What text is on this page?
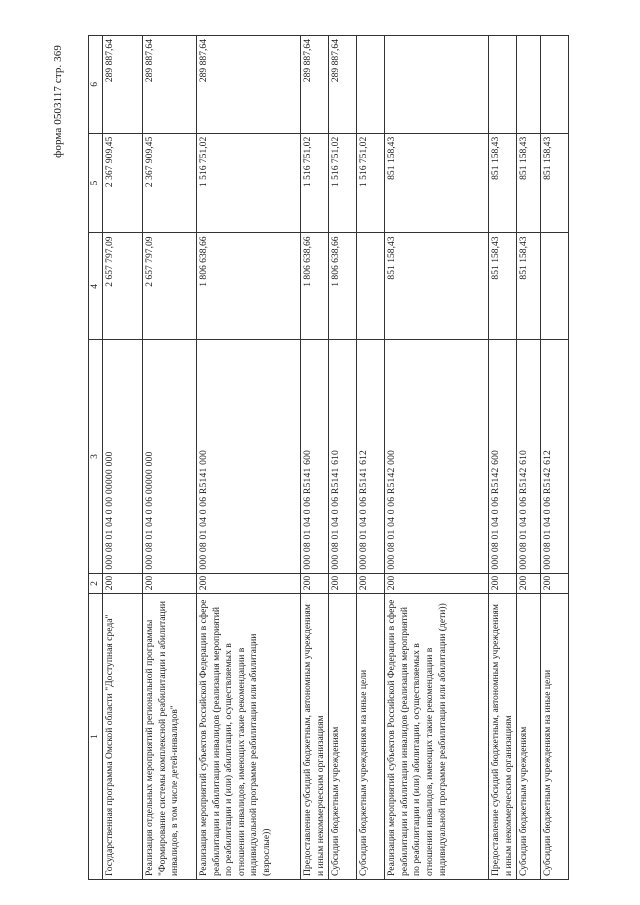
форма 0503117 стр. 369
1	2	3	4	5	6
Государственная программа Омской области "Доступная среда"	200	000 08 01 04 0 00 00000 000	2 657 797,09	2 367 909,45	289 887,64
Реализация отдельных мероприятий региональной программы "Формирование системы комплексной реабилитации и абилитации инвалидов, в том числе детей-инвалидов"	200	000 08 01 04 0 06 00000 000	2 657 797,09	2 367 909,45	289 887,64
Реализация мероприятий субъектов Российской Федерации в сфере реабилитации и абилитации инвалидов (реализация мероприятий по реабилитации и (или) абилитации, осуществляемых в отношении инвалидов, имеющих такие рекомендации в индивидуальной программе реабилитации или абилитации (взрослые))	200	000 08 01 04 0 06 R5141 000	1 806 638,66	1 516 751,02	289 887,64
Предоставление субсидий бюджетным, автономным учреждениям и иным некоммерческим организациям	200	000 08 01 04 0 06 R5141 600	1 806 638,66	1 516 751,02	289 887,64
Субсидии бюджетным учреждениям	200	000 08 01 04 0 06 R5141 610	1 806 638,66	1 516 751,02	289 887,64
Субсидии бюджетным учреждениям на иные цели	200	000 08 01 04 0 06 R5141 612		1 516 751,02	
Реализация мероприятий субъектов Российской Федерации в сфере реабилитации и абилитации инвалидов (реализация мероприятий по реабилитации и (или) абилитации, осуществляемых в отношении инвалидов, имеющих такие рекомендации в индивидуальной программе реабилитации или абилитации (дети))	200	000 08 01 04 0 06 R5142 000	851 158,43	851 158,43	
Предоставление субсидий бюджетным, автономным учреждениям и иным некоммерческим организациям	200	000 08 01 04 0 06 R5142 600	851 158,43	851 158,43	
Субсидии бюджетным учреждениям	200	000 08 01 04 0 06 R5142 610	851 158,43	851 158,43	
Субсидии бюджетным учреждениям на иные цели	200	000 08 01 04 0 06 R5142 612		851 158,43	
